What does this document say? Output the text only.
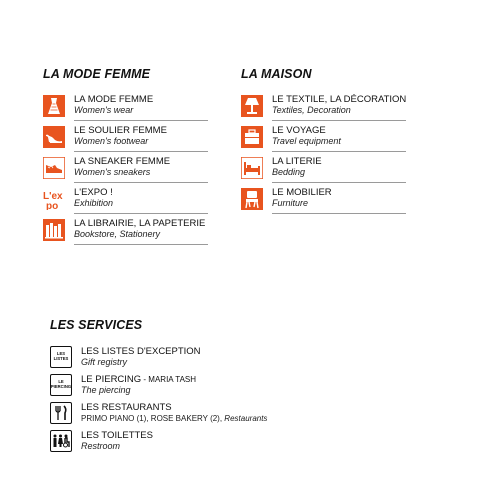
LA MODE FEMME
LA MODE FEMME
Women's wear
LE SOULIER FEMME
Women's footwear
LA SNEAKER FEMME
Women's sneakers
L'ex
po
L'EXPO !
Exhibition
LA LIBRAIRIE, LA PAPETERIE
Bookstore, Stationery
LA MAISON
LE TEXTILE, LA DÉCORATION
Textiles, Decoration
LE VOYAGE
Travel equipment
LA LITERIE
Bedding
LE MOBILIER
Furniture
LES SERVICES
LES
LISTES
LES LISTES D'EXCEPTION
Gift registry
LE
PIERCING
LE PIERCING - MARIA TASH
The piercing
LES RESTAURANTS
PRIMO PIANO (1), ROSE BAKERY (2), Restaurants
LES TOILETTES
Restroom
